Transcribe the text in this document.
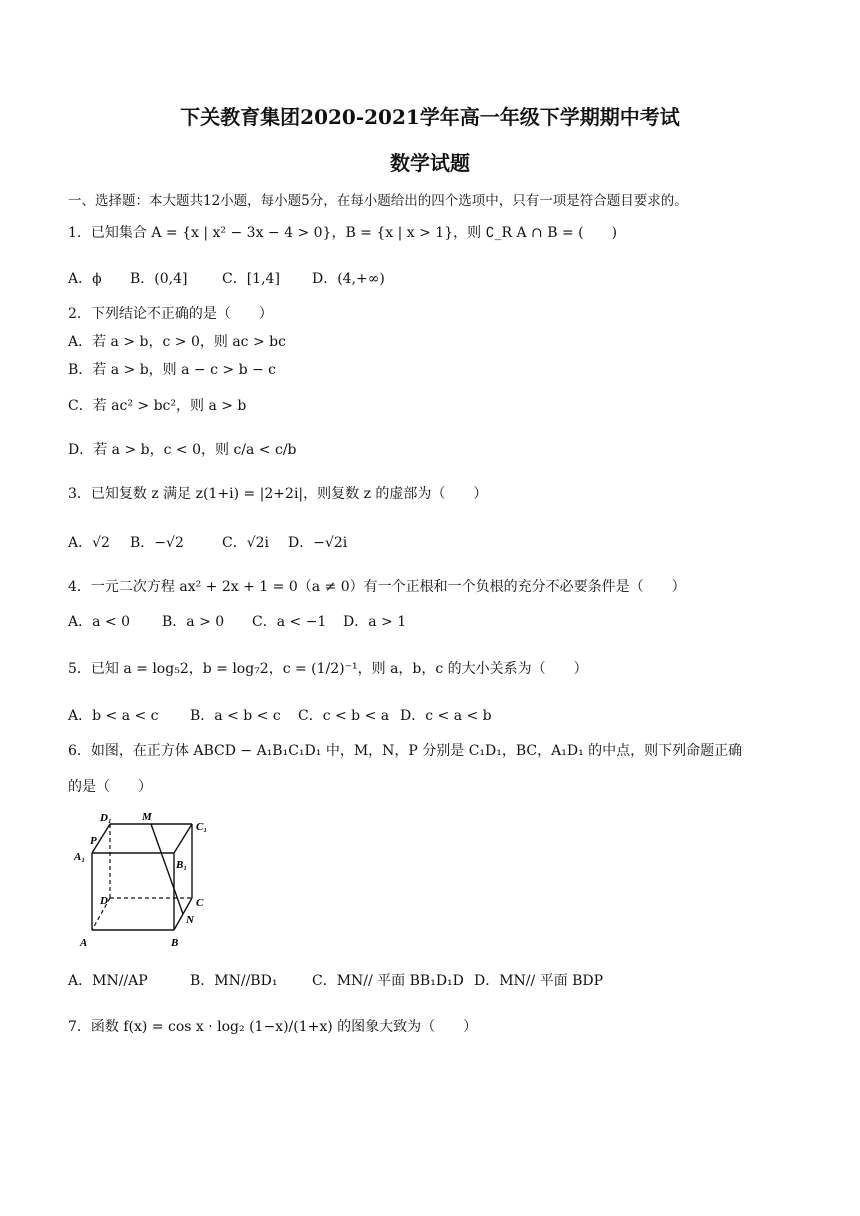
下关教育集团2020-2021学年高一年级下学期期中考试
数学试题
一、选择题：本大题共12小题，每小题5分，在每小题给出的四个选项中，只有一项是符合题目要求的。
1．已知集合 A = {x | x² − 3x − 4 > 0}，B = {x | x > 1}，则 ∁_R A ∩ B = (　　)
A．ϕ B．(0,4] C．[1,4] D．(4,+∞)
2．下列结论不正确的是（　　）
A．若 a > b，c > 0，则 ac > bc
B．若 a > b，则 a − c > b − c
C．若 ac² > bc²，则 a > b
D．若 a > b，c < 0，则 c/a < c/b
3．已知复数 z 满足 z(1+i) = |2+2i|，则复数 z 的虚部为（　　）
A．√2 B．−√2	C．√2i D．−√2i
4．一元二次方程 ax² + 2x + 1 = 0（a ≠ 0）有一个正根和一个负根的充分不必要条件是（　　）
A．a < 0 B．a > 0 C．a < −1 D．a > 1
5．已知 a = log₅2，b = log₇2，c = (1/2)⁻¹，则 a，b，c 的大小关系为（　　）
A．b < a < c B．a < b < c C．c < b < a D．c < a < b
6．如图，在正方体 ABCD − A₁B₁C₁D₁ 中，M，N，P 分别是 C₁D₁，BC，A₁D₁ 的中点，则下列命题正确
的是（　　）
D₁	M
C₁
P
A₁
B₁
D	C
N
A	B
A．MN//AP	B．MN//BD₁ C．MN// 平面 BB₁D₁D D．MN// 平面 BDP
7．函数 f(x) = cos x · log₂ (1−x)/(1+x) 的图象大致为（　　）
